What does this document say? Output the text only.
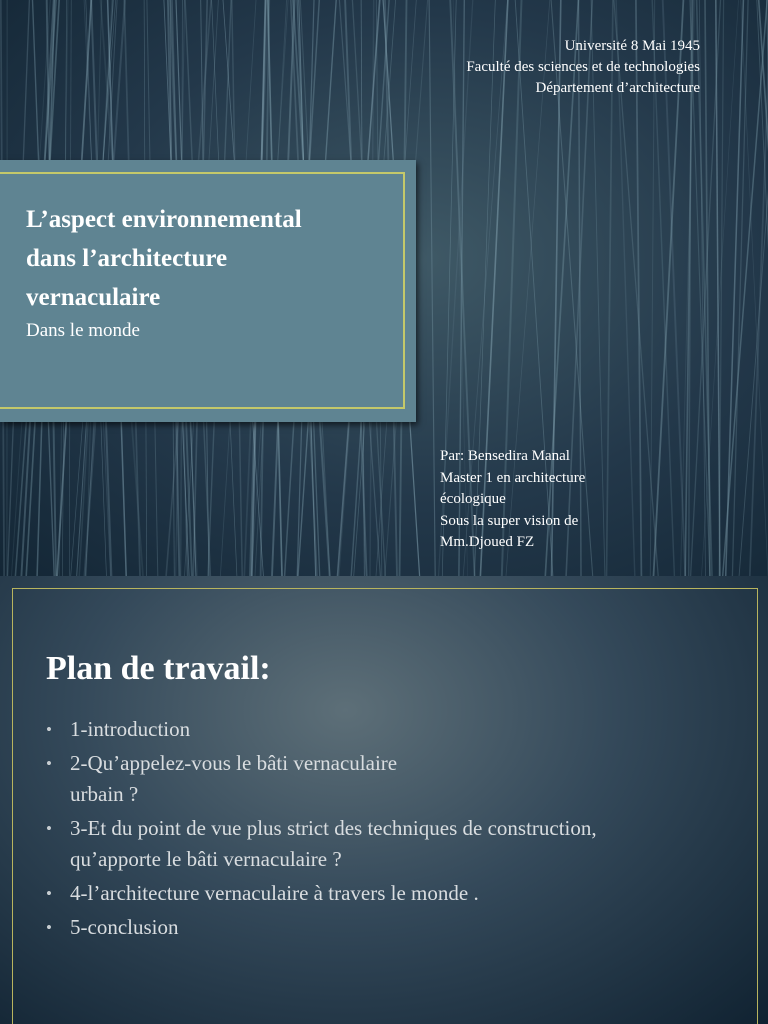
Université 8 Mai 1945
Faculté des sciences et de technologies
Département d’architecture
L’aspect environnemental
dans l’architecture
vernaculaire
Dans le monde
Par: Bensedira Manal
Master 1 en architecture
écologique
Sous la super vision de
Mm.Djoued FZ
Plan de travail:
• 1-introduction
• 2-Qu’appelez-vous le bâti vernaculaire
urbain ?
• 3-Et du point de vue plus strict des techniques de construction,
qu’apporte le bâti vernaculaire ?
• 4-l’architecture vernaculaire à travers le monde .
• 5-conclusion
